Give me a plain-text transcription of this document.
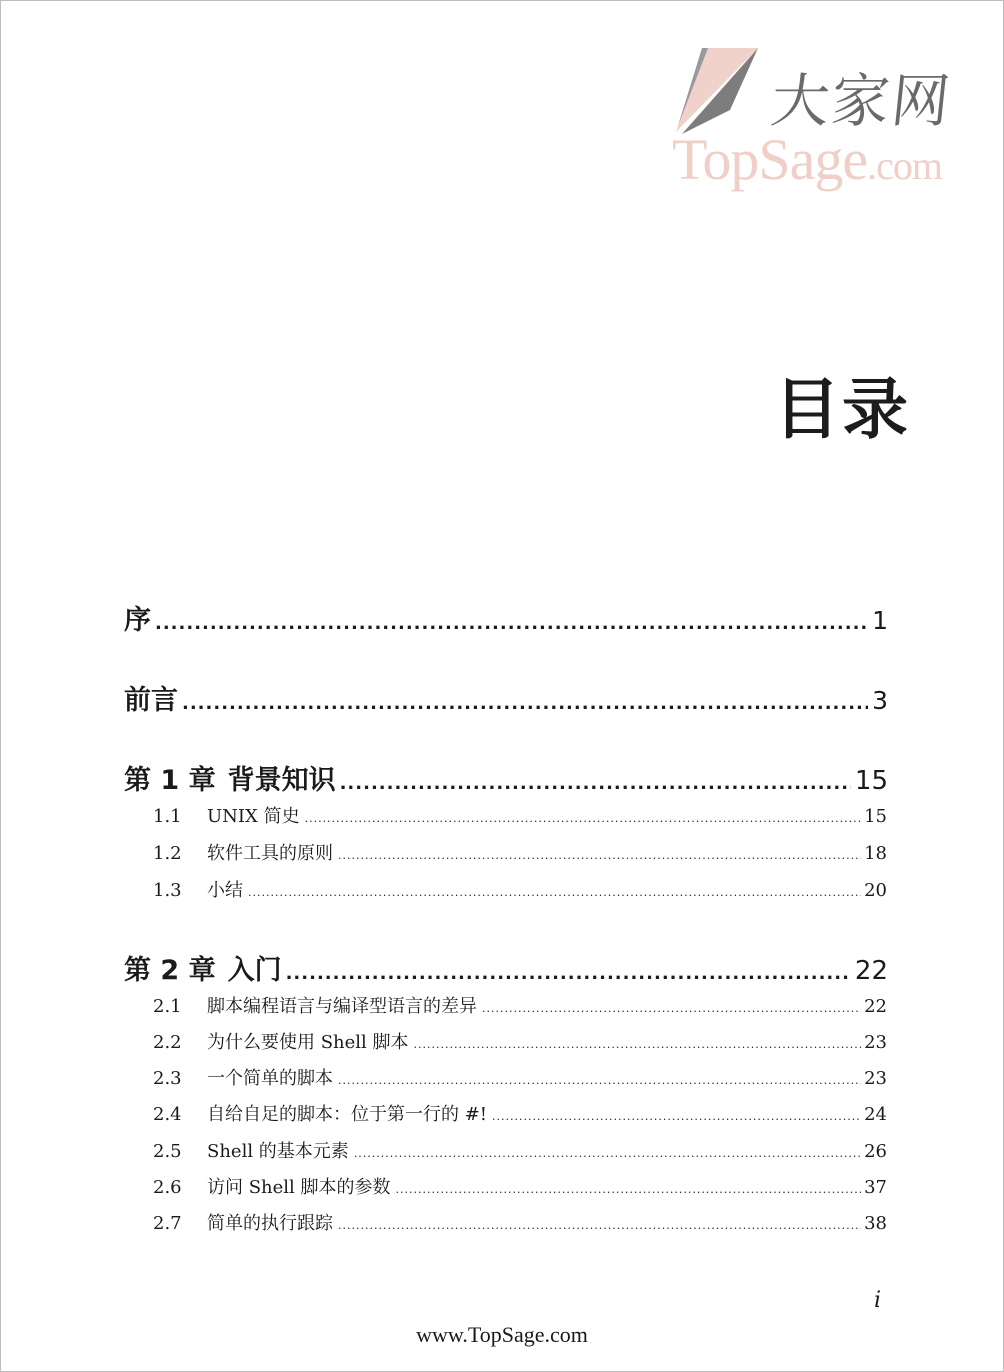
大家网
TopSage.com
目录
序 .....	1
前言 .....	3
第 1 章 背景知识 .....	15
1.1	UNIX 简史 .....	15
1.2	软件工具的原则 .....	18
1.3	小结 .....	20
第 2 章 入门 .....	22
2.1	脚本编程语言与编译型语言的差异 .....	22
2.2	为什么要使用 Shell 脚本 .....	23
2.3	一个简单的脚本 .....	23
2.4	自给自足的脚本：位于第一行的 #! .....	24
2.5	Shell 的基本元素 .....	26
2.6	访问 Shell 脚本的参数 .....	37
2.7	简单的执行跟踪 .....	38
i
www.TopSage.com
